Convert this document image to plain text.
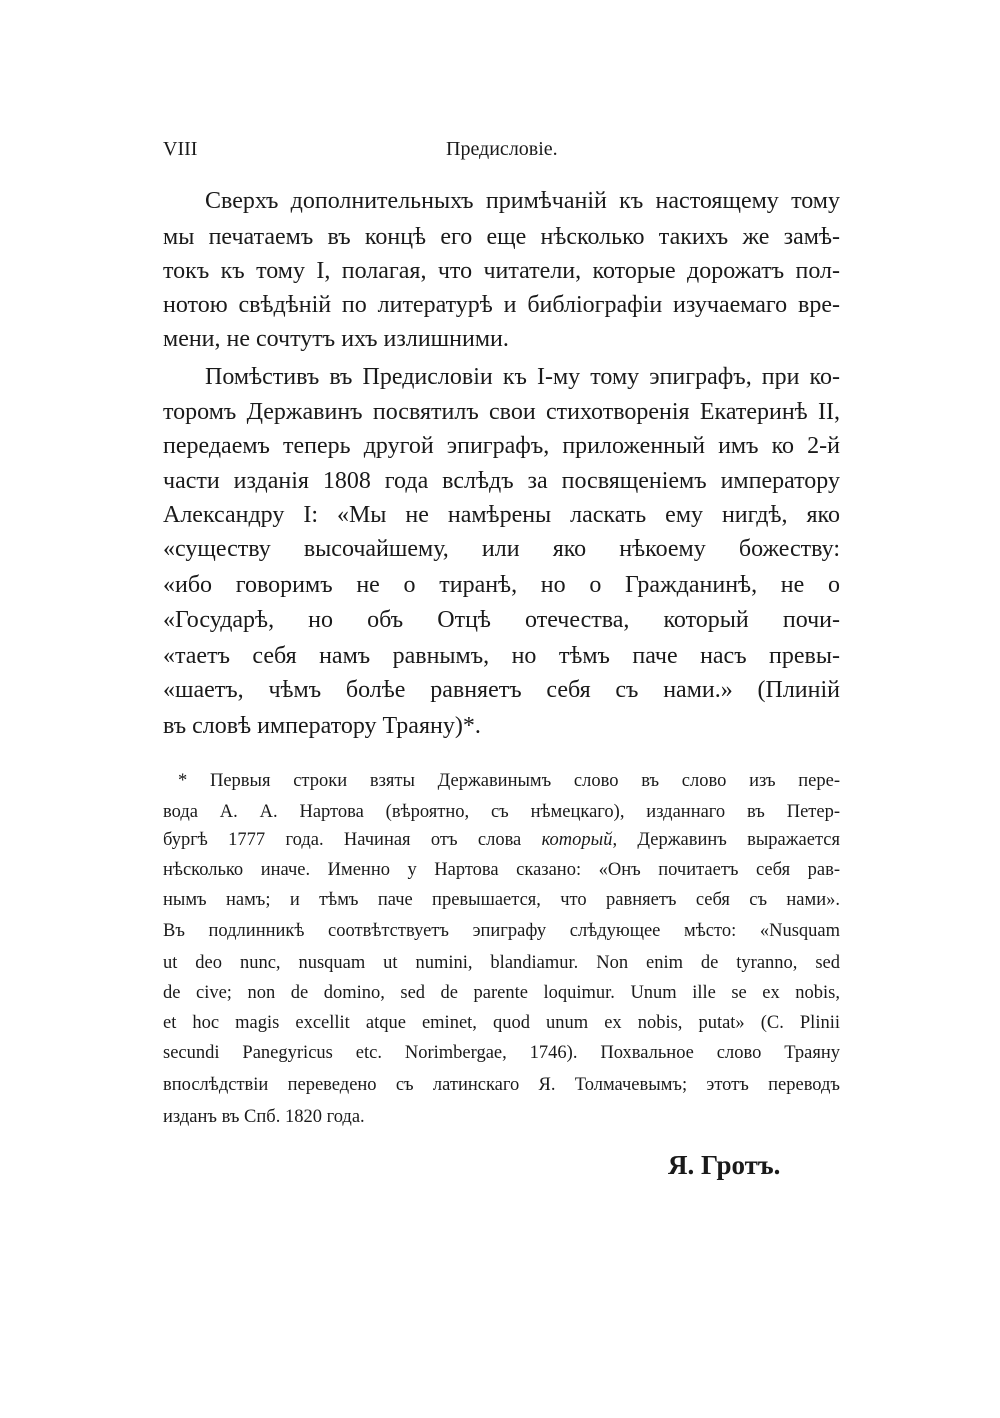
VIII	Предисловіе.
Сверхъ дополнительныхъ примѣчаній къ настоящему тому
мы печатаемъ въ концѣ его еще нѣсколько такихъ же замѣ-
токъ къ тому I, полагая, что читатели, которые дорожатъ пол-
нотою свѣдѣній по литературѣ и библіографіи изучаемаго вре-
мени, не сочтутъ ихъ излишними.
Помѣстивъ въ Предисловіи къ I-му тому эпиграфъ, при ко-
торомъ Державинъ посвятилъ свои стихотворенія Екатеринѣ II,
передаемъ теперь другой эпиграфъ, приложенный имъ ко 2-й
части изданія 1808 года вслѣдъ за посвященіемъ императору
Александру I: «Мы не намѣрены ласкать ему нигдѣ, яко
«существу высочайшему, или яко нѣкоему божеству:
«ибо говоримъ не о тиранѣ, но о Гражданинѣ, не о
«Государѣ, но объ Отцѣ отечества, который почи-
«таетъ себя намъ равнымъ, но тѣмъ паче насъ превы-
«шаетъ, чѣмъ болѣе равняетъ себя съ нами.» (Плиній
въ словѣ императору Траяну)*.
* Первыя строки взяты Державинымъ слово въ слово изъ пере-
вода А. А. Нартова (вѣроятно, съ нѣмецкаго), изданнаго въ Петер-
бургѣ 1777 года. Начиная отъ слова который, Державинъ выражается
нѣсколько иначе. Именно у Нартова сказано: «Онъ почитаетъ себя рав-
нымъ намъ; и тѣмъ паче превышается, что равняетъ себя съ нами».
Въ подлинникѣ соотвѣтствуетъ эпиграфу слѣдующее мѣсто: «Nusquam
ut deo nunc, nusquam ut numini, blandiamur. Non enim de tyranno, sed
de cive; non de domino, sed de parente loquimur. Unum ille se ex nobis,
et hoc magis excellit atque eminet, quod unum ex nobis, putat» (C. Plinii
secundi Panegyricus etc. Norimbergae, 1746). Похвальное слово Траяну
впослѣдствіи переведено съ латинскаго Я. Толмачевымъ; этотъ переводъ
изданъ въ Спб. 1820 года.
Я. Гротъ.
